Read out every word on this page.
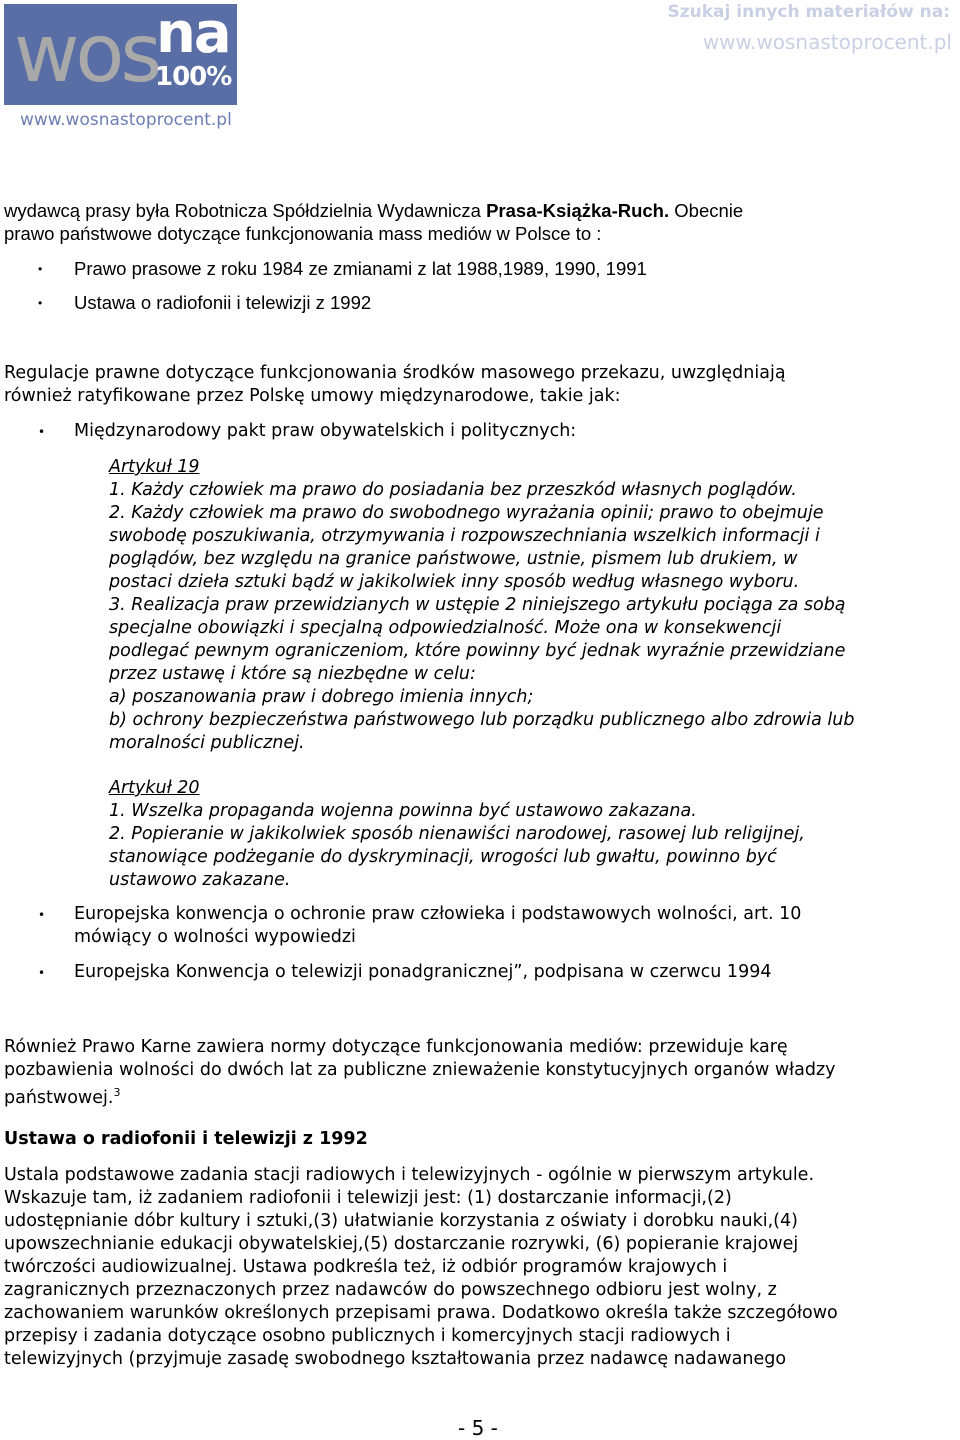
wos
na
100%
www.wosnastoprocent.pl
Szukaj innych materiałów na:
www.wosnastoprocent.pl
wydawcą prasy była Robotnicza Spółdzielnia Wydawnicza Prasa-Książka-Ruch. Obecnie
prawo państwowe dotyczące funkcjonowania mass mediów w Polsce to :
• Prawo prasowe z roku 1984 ze zmianami z lat 1988,1989, 1990, 1991
• Ustawa o radiofonii i telewizji z 1992
Regulacje prawne dotyczące funkcjonowania środków masowego przekazu, uwzględniają
również ratyfikowane przez Polskę umowy międzynarodowe, takie jak:
• Międzynarodowy pakt praw obywatelskich i politycznych:
Artykuł 19
1. Każdy człowiek ma prawo do posiadania bez przeszkód własnych poglądów.
2. Każdy człowiek ma prawo do swobodnego wyrażania opinii; prawo to obejmuje
swobodę poszukiwania, otrzymywania i rozpowszechniania wszelkich informacji i
poglądów, bez względu na granice państwowe, ustnie, pismem lub drukiem, w
postaci dzieła sztuki bądź w jakikolwiek inny sposób według własnego wyboru.
3. Realizacja praw przewidzianych w ustępie 2 niniejszego artykułu pociąga za sobą
specjalne obowiązki i specjalną odpowiedzialność. Może ona w konsekwencji
podlegać pewnym ograniczeniom, które powinny być jednak wyraźnie przewidziane
przez ustawę i które są niezbędne w celu:
a) poszanowania praw i dobrego imienia innych;
b) ochrony bezpieczeństwa państwowego lub porządku publicznego albo zdrowia lub
moralności publicznej.
Artykuł 20
1. Wszelka propaganda wojenna powinna być ustawowo zakazana.
2. Popieranie w jakikolwiek sposób nienawiści narodowej, rasowej lub religijnej,
stanowiące podżeganie do dyskryminacji, wrogości lub gwałtu, powinno być
ustawowo zakazane.
• Europejska konwencja o ochronie praw człowieka i podstawowych wolności, art. 10
mówiący o wolności wypowiedzi
• Europejska Konwencja o telewizji ponadgranicznej”, podpisana w czerwcu 1994
Również Prawo Karne zawiera normy dotyczące funkcjonowania mediów: przewiduje karę
pozbawienia wolności do dwóch lat za publiczne znieważenie konstytucyjnych organów władzy
państwowej.$^3$
Ustawa o radiofonii i telewizji z 1992
Ustala podstawowe zadania stacji radiowych i telewizyjnych - ogólnie w pierwszym artykule.
Wskazuje tam, iż zadaniem radiofonii i telewizji jest: (1) dostarczanie informacji,(2)
udostępnianie dóbr kultury i sztuki,(3) ułatwianie korzystania z oświaty i dorobku nauki,(4)
upowszechnianie edukacji obywatelskiej,(5) dostarczanie rozrywki, (6) popieranie krajowej
twórczości audiowizualnej. Ustawa podkreśla też, iż odbiór programów krajowych i
zagranicznych przeznaczonych przez nadawców do powszechnego odbioru jest wolny, z
zachowaniem warunków określonych przepisami prawa. Dodatkowo określa także szczegółowo
przepisy i zadania dotyczące osobno publicznych i komercyjnych stacji radiowych i
telewizyjnych (przyjmuje zasadę swobodnego kształtowania przez nadawcę nadawanego
- 5 -
